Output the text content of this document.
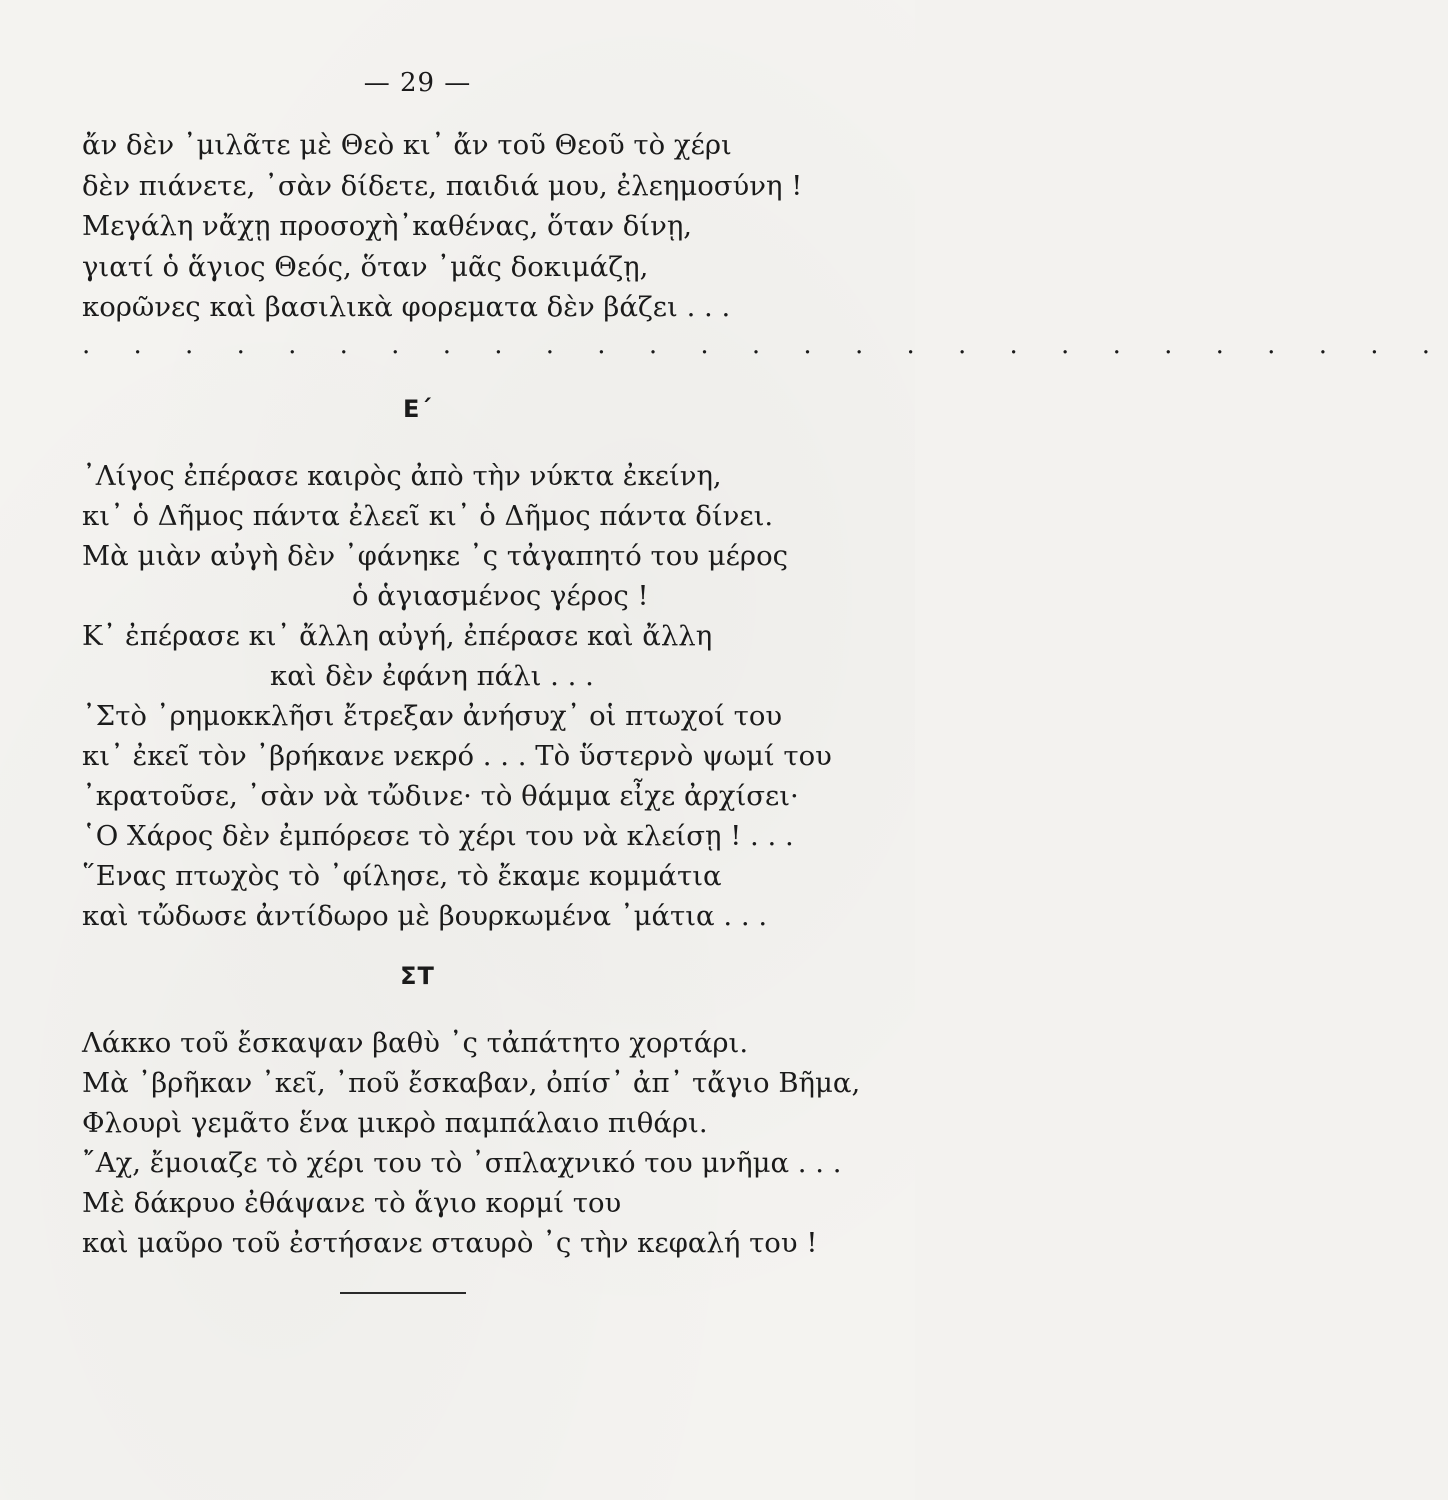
— 29 —
ἄν δὲν ᾿μιλᾶτε μὲ Θεὸ κι᾽ ἄν τοῦ Θεοῦ τὸ χέρι
δὲν πιάνετε, ᾿σὰν δίδετε, παιδιά μου, ἐλεημοσύνη !
Μεγάλη νἄχῃ προσοχὴ᾿καθένας, ὅταν δίνῃ,
γιατί ὁ ἅγιος Θεός, ὅταν ᾿μᾶς δοκιμάζῃ,
κορῶνες καὶ βασιλικὰ φορεματα δὲν βάζει . . .
. . . . . . . . . . . . . . . . . . . . . . . . . . .
Ε΄
᾿Λίγος ἐπέρασε καιρὸς ἀπὸ τὴν νύκτα ἐκείνη,
κι᾽ ὁ Δῆμος πάντα ἐλεεῖ κι᾽ ὁ Δῆμος πάντα δίνει.
Μὰ μιὰν αὐγὴ δὲν ᾿φάνηκε ᾿ς τἀγαπητό του μέρος
ὁ ἁγιασμένος γέρος !
Κ᾽ ἐπέρασε κι᾽ ἄλλη αὐγή, ἐπέρασε καὶ ἄλλη
καὶ δὲν ἐφάνη πάλι . . .
᾿Στὸ ᾿ρημοκκλῆσι ἔτρεξαν ἀνήσυχ᾽ οἱ πτωχοί του
κι᾽ ἐκεῖ τὸν ᾿βρήκανε νεκρό . . . Τὸ ὕστερνὸ ψωμί του
᾿κρατοῦσε, ᾿σὰν νὰ τὤδινε· τὸ θάμμα εἶχε ἀρχίσει·
῾Ο Χάρος δὲν ἐμπόρεσε τὸ χέρι του νὰ κλείσῃ ! . . .
῞Ενας πτωχὸς τὸ ᾿φίλησε, τὸ ἔκαμε κομμάτια
καὶ τὤδωσε ἀντίδωρο μὲ βουρκωμένα ᾿μάτια . . .
ΣΤ
Λάκκο τοῦ ἔσκαψαν βαθὺ ᾿ς τἀπάτητο χορτάρι.
Μὰ ᾿βρῆκαν ᾿κεῖ, ᾿ποῦ ἔσκαβαν, ὀπίσ᾽ ἀπ᾽ τἄγιο Βῆμα,
Φλουρὶ γεμᾶτο ἕνα μικρὸ παμπάλαιο πιθάρι.
῎Αχ, ἔμοιαζε τὸ χέρι του τὸ ᾿σπλαχνικό του μνῆμα . . .
Μὲ δάκρυο ἐθάψανε τὸ ἅγιο κορμί του
καὶ μαῦρο τοῦ ἐστήσανε σταυρὸ ᾿ς τὴν κεφαλή του !
